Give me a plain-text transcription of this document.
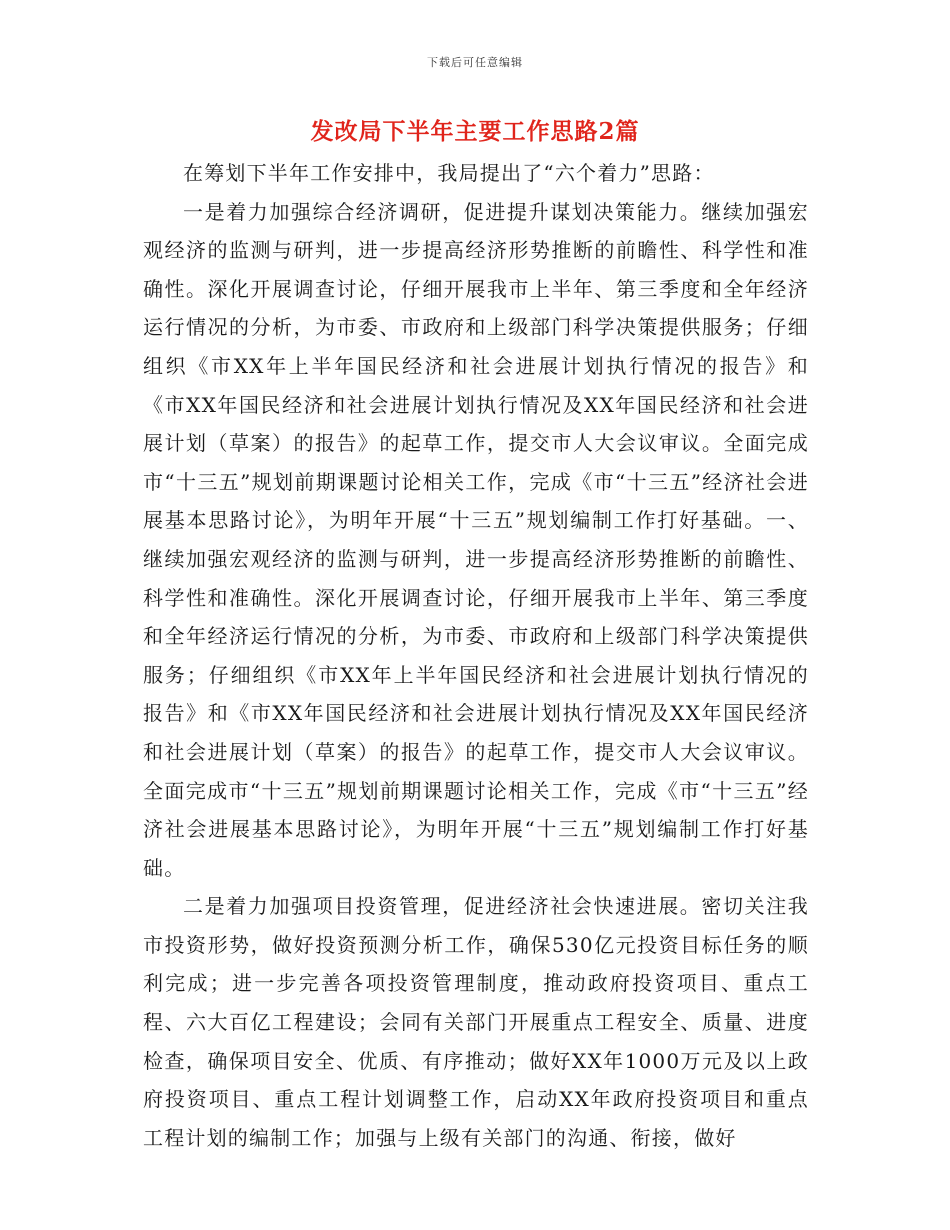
下载后可任意编辑
发改局下半年主要工作思路2篇

在筹划下半年工作安排中，我局提出了“六个着力”思路：

一是着力加强综合经济调研，促进提升谋划决策能力。继续加强宏观经济的监测与研判，进一步提高经济形势推断的前瞻性、科学性和准确性。深化开展调查讨论，仔细开展我市上半年、第三季度和全年经济运行情况的分析，为市委、市政府和上级部门科学决策提供服务；仔细组织《市XX年上半年国民经济和社会进展计划执行情况的报告》和《市XX年国民经济和社会进展计划执行情况及XX年国民经济和社会进展计划（草案）的报告》的起草工作，提交市人大会议审议。全面完成市“十三五”规划前期课题讨论相关工作，完成《市“十三五”经济社会进展基本思路讨论》，为明年开展“十三五”规划编制工作打好基础。一、继续加强宏观经济的监测与研判，进一步提高经济形势推断的前瞻性、科学性和准确性。深化开展调查讨论，仔细开展我市上半年、第三季度和全年经济运行情况的分析，为市委、市政府和上级部门科学决策提供服务；仔细组织《市XX年上半年国民经济和社会进展计划执行情况的报告》和《市XX年国民经济和社会进展计划执行情况及XX年国民经济和社会进展计划（草案）的报告》的起草工作，提交市人大会议审议。全面完成市“十三五”规划前期课题讨论相关工作，完成《市“十三五”经济社会进展基本思路讨论》，为明年开展“十三五”规划编制工作打好基础。

二是着力加强项目投资管理，促进经济社会快速进展。密切关注我市投资形势，做好投资预测分析工作，确保530亿元投资目标任务的顺利完成；进一步完善各项投资管理制度，推动政府投资项目、重点工程、六大百亿工程建设；会同有关部门开展重点工程安全、质量、进度检查，确保项目安全、优质、有序推动；做好XX年1000万元及以上政府投资项目、重点工程计划调整工作，启动XX年政府投资项目和重点工程计划的编制工作；加强与上级有关部门的沟通、衔接，做好
